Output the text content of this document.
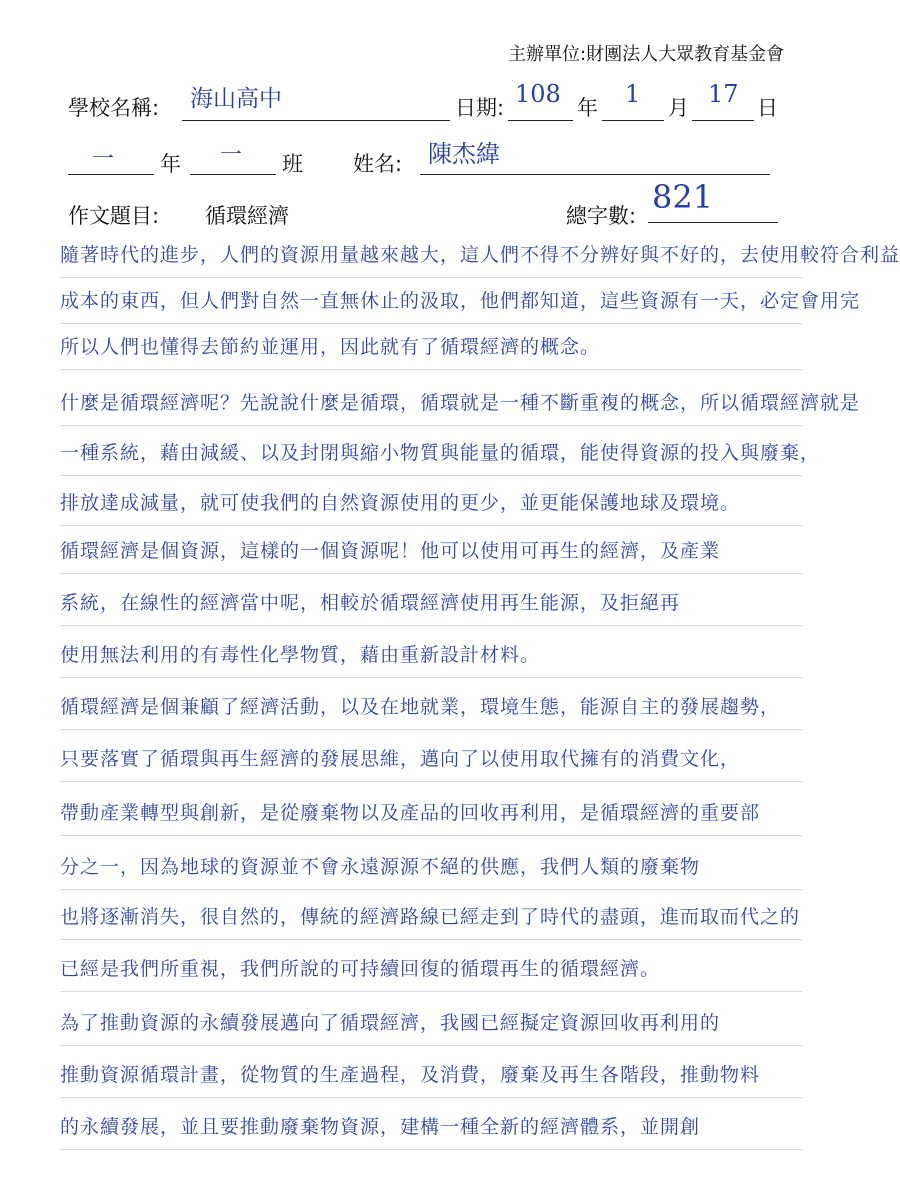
主辦單位:財團法人大眾教育基金會
學校名稱: 海山高中	日期: 108 年 1 月 17 日
一 年 一 班 姓名: 陳杰緯
作文題目: 循環經濟	總字數: 821
隨著時代的進步，人們的資源用量越來越大，這人們不得不分辨好與不好的，去使用較符合利益
成本的東西，但人們對自然一直無休止的汲取，他們都知道，這些資源有一天，必定會用完
所以人們也懂得去節約並運用，因此就有了循環經濟的概念。
什麼是循環經濟呢？先說說什麼是循環，循環就是一種不斷重複的概念，所以循環經濟就是
一種系統，藉由減緩、以及封閉與縮小物質與能量的循環，能使得資源的投入與廢棄，
排放達成減量，就可使我們的自然資源使用的更少，並更能保護地球及環境。
循環經濟是個資源，這樣的一個資源呢！他可以使用可再生的經濟，及產業
系統，在線性的經濟當中呢，相較於循環經濟使用再生能源，及拒絕再
使用無法利用的有毒性化學物質，藉由重新設計材料。
循環經濟是個兼顧了經濟活動，以及在地就業，環境生態，能源自主的發展趨勢，
只要落實了循環與再生經濟的發展思維，邁向了以使用取代擁有的消費文化，
帶動產業轉型與創新，是從廢棄物以及產品的回收再利用，是循環經濟的重要部
分之一，因為地球的資源並不會永遠源源不絕的供應，我們人類的廢棄物
也將逐漸消失，很自然的，傳統的經濟路線已經走到了時代的盡頭，進而取而代之的
已經是我們所重視，我們所說的可持續回復的循環再生的循環經濟。
為了推動資源的永續發展邁向了循環經濟，我國已經擬定資源回收再利用的
推動資源循環計畫，從物質的生產過程，及消費，廢棄及再生各階段，推動物料
的永續發展，並且要推動廢棄物資源，建構一種全新的經濟體系，並開創
